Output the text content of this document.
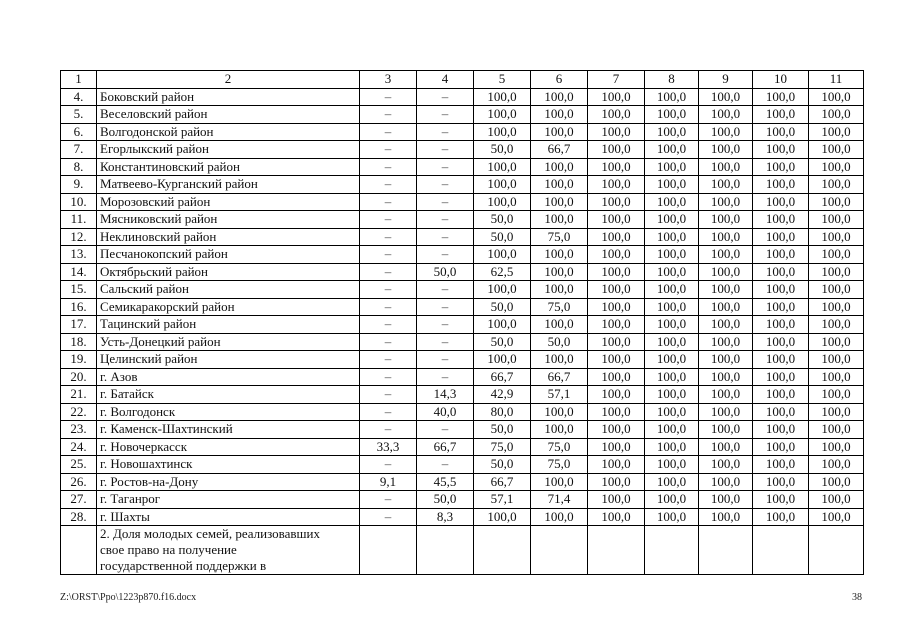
1	2	3	4	5	6	7	8	9	10	11
4.	Боковский район	–	–	100,0	100,0	100,0	100,0	100,0	100,0	100,0
5.	Веселовский район	–	–	100,0	100,0	100,0	100,0	100,0	100,0	100,0
6.	Волгодонской район	–	–	100,0	100,0	100,0	100,0	100,0	100,0	100,0
7.	Егорлыкский район	–	–	50,0	66,7	100,0	100,0	100,0	100,0	100,0
8.	Константиновский район	–	–	100,0	100,0	100,0	100,0	100,0	100,0	100,0
9.	Матвеево-Курганский район	–	–	100,0	100,0	100,0	100,0	100,0	100,0	100,0
10.	Морозовский район	–	–	100,0	100,0	100,0	100,0	100,0	100,0	100,0
11.	Мясниковский район	–	–	50,0	100,0	100,0	100,0	100,0	100,0	100,0
12.	Неклиновский район	–	–	50,0	75,0	100,0	100,0	100,0	100,0	100,0
13.	Песчанокопский район	–	–	100,0	100,0	100,0	100,0	100,0	100,0	100,0
14.	Октябрьский район	–	50,0	62,5	100,0	100,0	100,0	100,0	100,0	100,0
15.	Сальский район	–	–	100,0	100,0	100,0	100,0	100,0	100,0	100,0
16.	Семикаракорский район	–	–	50,0	75,0	100,0	100,0	100,0	100,0	100,0
17.	Тацинский район	–	–	100,0	100,0	100,0	100,0	100,0	100,0	100,0
18.	Усть-Донецкий район	–	–	50,0	50,0	100,0	100,0	100,0	100,0	100,0
19.	Целинский район	–	–	100,0	100,0	100,0	100,0	100,0	100,0	100,0
20.	г. Азов	–	–	66,7	66,7	100,0	100,0	100,0	100,0	100,0
21.	г. Батайск	–	14,3	42,9	57,1	100,0	100,0	100,0	100,0	100,0
22.	г. Волгодонск	–	40,0	80,0	100,0	100,0	100,0	100,0	100,0	100,0
23.	г. Каменск-Шахтинский	–	–	50,0	100,0	100,0	100,0	100,0	100,0	100,0
24.	г. Новочеркасск	33,3	66,7	75,0	75,0	100,0	100,0	100,0	100,0	100,0
25.	г. Новошахтинск	–	–	50,0	75,0	100,0	100,0	100,0	100,0	100,0
26.	г. Ростов-на-Дону	9,1	45,5	66,7	100,0	100,0	100,0	100,0	100,0	100,0
27.	г. Таганрог	–	50,0	57,1	71,4	100,0	100,0	100,0	100,0	100,0
28.	г. Шахты	–	8,3	100,0	100,0	100,0	100,0	100,0	100,0	100,0

	2. Доля молодых семей, реализовавших
свое право на получение
государственной поддержки в									

Z:\ORST\Ppo\1223p870.f16.docx	38
